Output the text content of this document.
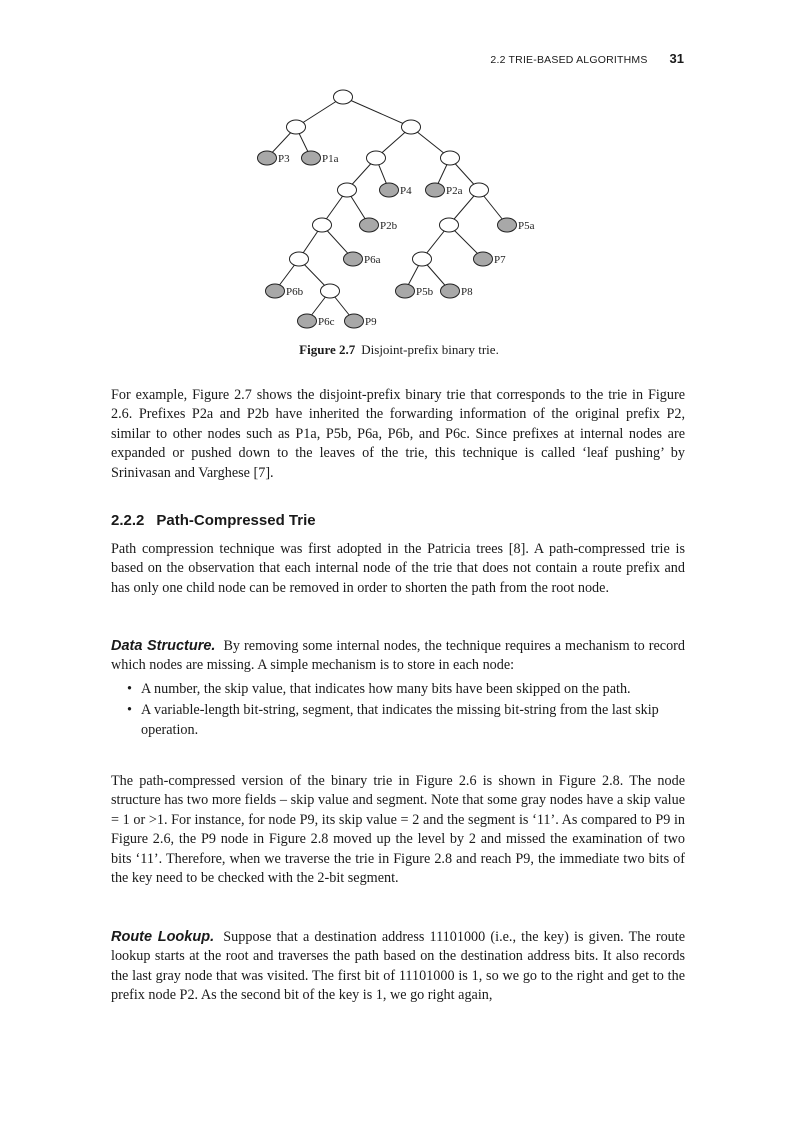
2.2 TRIE-BASED ALGORITHMS 31
P3	P1a
P4	P2a
P2b	P5a
P6a	P7
P6b	P5b	P8
P6c	P9
Figure 2.7 Disjoint-prefix binary trie.

For example, Figure 2.7 shows the disjoint-prefix binary trie that corresponds to the trie in Figure 2.6. Prefixes P2a and P2b have inherited the forwarding information of the original prefix P2, similar to other nodes such as P1a, P5b, P6a, P6b, and P6c. Since prefixes at internal nodes are expanded or pushed down to the leaves of the trie, this technique is called ‘leaf pushing’ by Srinivasan and Varghese [7].

2.2.2 Path-Compressed Trie

Path compression technique was first adopted in the Patricia trees [8]. A path-compressed trie is based on the observation that each internal node of the trie that does not contain a route prefix and has only one child node can be removed in order to shorten the path from the root node.

Data Structure. By removing some internal nodes, the technique requires a mechanism to record which nodes are missing. A simple mechanism is to store in each node:

• A number, the skip value, that indicates how many bits have been skipped on the path.
• A variable-length bit-string, segment, that indicates the missing bit-string from the last skip operation.

The path-compressed version of the binary trie in Figure 2.6 is shown in Figure 2.8. The node structure has two more fields – skip value and segment. Note that some gray nodes have a skip value = 1 or >1. For instance, for node P9, its skip value = 2 and the segment is ‘11’. As compared to P9 in Figure 2.6, the P9 node in Figure 2.8 moved up the level by 2 and missed the examination of two bits ‘11’. Therefore, when we traverse the trie in Figure 2.8 and reach P9, the immediate two bits of the key need to be checked with the 2-bit segment.

Route Lookup. Suppose that a destination address 11101000 (i.e., the key) is given. The route lookup starts at the root and traverses the path based on the destination address bits. It also records the last gray node that was visited. The first bit of 11101000 is 1, so we go to the right and get to the prefix node P2. As the second bit of the key is 1, we go right again,
